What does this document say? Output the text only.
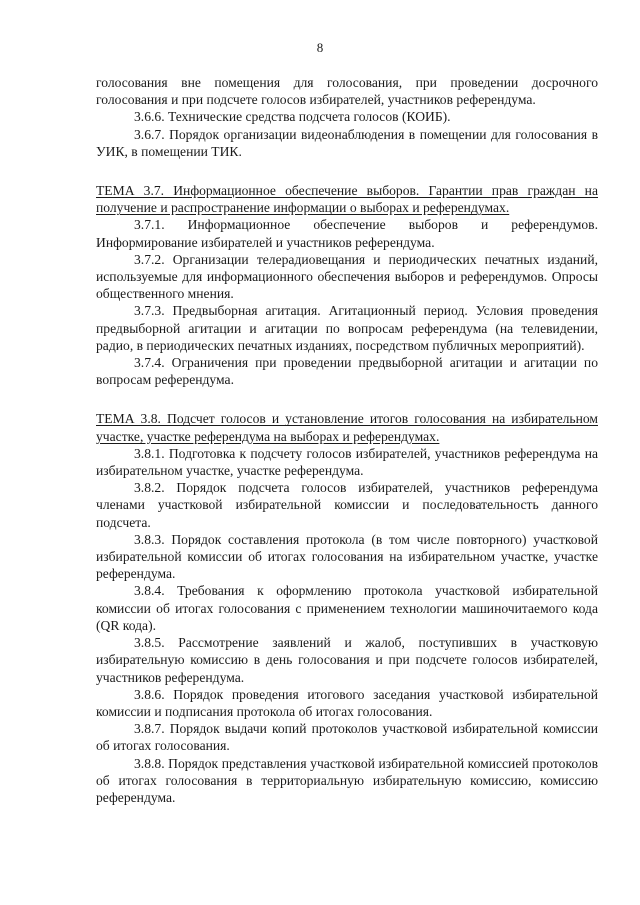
8

голосования вне помещения для голосования, при проведении досрочного голосования и при подсчете голосов избирателей, участников референдума.

3.6.6. Технические средства подсчета голосов (КОИБ).

3.6.7. Порядок организации видеонаблюдения в помещении для голосования в УИК, в помещении ТИК.

ТЕМА 3.7. Информационное обеспечение выборов. Гарантии прав граждан на получение и распространение информации о выборах и референдумах.

3.7.1. Информационное обеспечение выборов и референдумов. Информирование избирателей и участников референдума.

3.7.2. Организации телерадиовещания и периодических печатных изданий, используемые для информационного обеспечения выборов и референдумов. Опросы общественного мнения.

3.7.3. Предвыборная агитация. Агитационный период. Условия проведения предвыборной агитации и агитации по вопросам референдума (на телевидении, радио, в периодических печатных изданиях, посредством публичных мероприятий).

3.7.4. Ограничения при проведении предвыборной агитации и агитации по вопросам референдума.

ТЕМА 3.8. Подсчет голосов и установление итогов голосования на избирательном участке, участке референдума на выборах и референдумах.

3.8.1. Подготовка к подсчету голосов избирателей, участников референдума на избирательном участке, участке референдума.

3.8.2. Порядок подсчета голосов избирателей, участников референдума членами участковой избирательной комиссии и последовательность данного подсчета.

3.8.3. Порядок составления протокола (в том числе повторного) участковой избирательной комиссии об итогах голосования на избирательном участке, участке референдума.

3.8.4. Требования к оформлению протокола участковой избирательной комиссии об итогах голосования с применением технологии машиночитаемого кода (QR кода).

3.8.5. Рассмотрение заявлений и жалоб, поступивших в участковую избирательную комиссию в день голосования и при подсчете голосов избирателей, участников референдума.

3.8.6. Порядок проведения итогового заседания участковой избирательной комиссии и подписания протокола об итогах голосования.

3.8.7. Порядок выдачи копий протоколов участковой избирательной комиссии об итогах голосования.

3.8.8. Порядок представления участковой избирательной комиссией протоколов об итогах голосования в территориальную избирательную комиссию, комиссию референдума.
